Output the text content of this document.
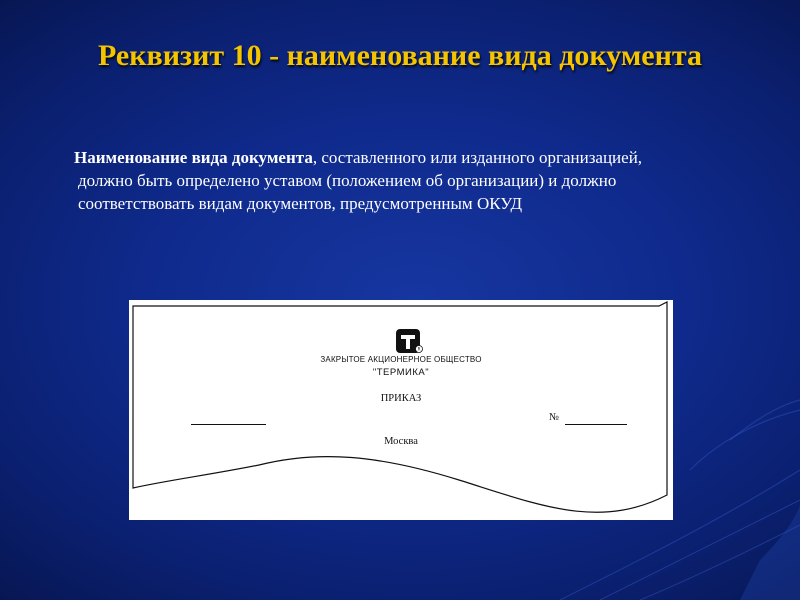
Реквизит 10 - наименование вида документа
Наименование вида документа, составленного или изданного организацией,
должно быть определено уставом (положением об организации) и должно
соответствовать видам документов, предусмотренным ОКУД
R
ЗАКРЫТОЕ АКЦИОНЕРНОЕ ОБЩЕСТВО
"ТЕРМИКА"
ПРИКАЗ
№
Москва
